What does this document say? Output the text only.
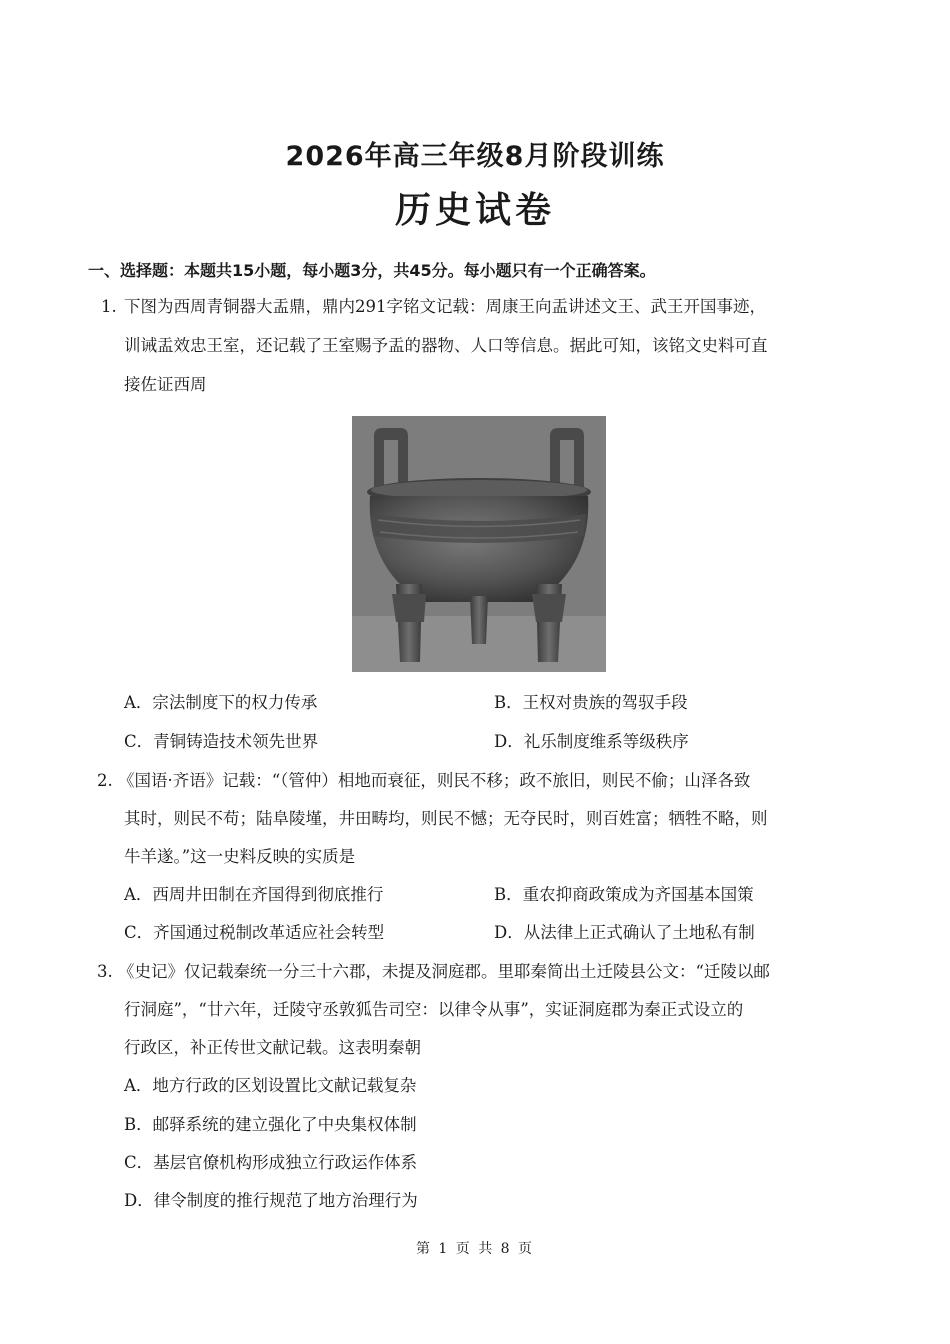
2026年高三年级8月阶段训练
历史试卷
一、选择题：本题共15小题，每小题3分，共45分。每小题只有一个正确答案。
1. 下图为西周青铜器大盂鼎，鼎内291字铭文记载：周康王向盂讲述文王、武王开国事迹，
训诫盂效忠王室，还记载了王室赐予盂的器物、人口等信息。据此可知，该铭文史料可直
接佐证西周
A．宗法制度下的权力传承	B．王权对贵族的驾驭手段
C．青铜铸造技术领先世界	D．礼乐制度维系等级秩序
2. 《国语·齐语》记载：“（管仲）相地而衰征，则民不移；政不旅旧，则民不偷；山泽各致
其时，则民不苟；陆阜陵墐，井田畴均，则民不憾；无夺民时，则百姓富；牺牲不略，则
牛羊遂。”这一史料反映的实质是
A．西周井田制在齐国得到彻底推行	B．重农抑商政策成为齐国基本国策
C．齐国通过税制改革适应社会转型	D．从法律上正式确认了土地私有制
3. 《史记》仅记载秦统一分三十六郡，未提及洞庭郡。里耶秦简出土迁陵县公文：“迁陵以邮
行洞庭”，“廿六年，迁陵守丞敦狐告司空：以律令从事”，实证洞庭郡为秦正式设立的
行政区，补正传世文献记载。这表明秦朝
A．地方行政的区划设置比文献记载复杂
B．邮驿系统的建立强化了中央集权体制
C．基层官僚机构形成独立行政运作体系
D．律令制度的推行规范了地方治理行为
第 1 页 共 8 页
